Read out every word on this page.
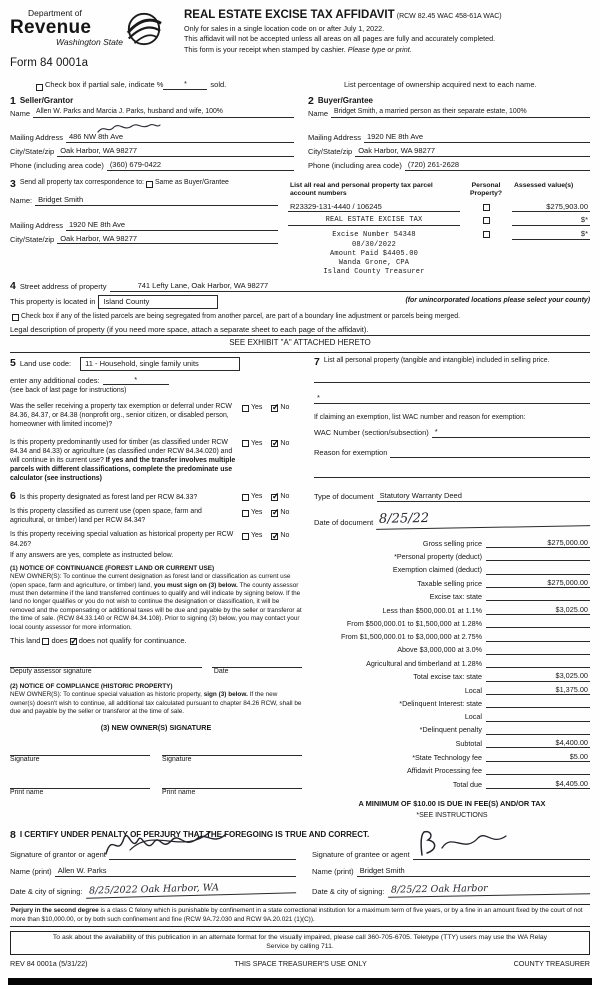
Department of
Revenue
Washington State
Form 84 0001a
REAL ESTATE EXCISE TAX AFFIDAVIT (RCW 82.45 WAC 458-61A WAC)
Only for sales in a single location code on or after July 1, 2022.
This affidavit will not be accepted unless all areas on all pages are fully and accurately completed.
This form is your receipt when stamped by cashier. Please type or print.
Check box if partial sale, indicate %	*	sold.	List percentage of ownership acquired next to each name.
1 Seller/Grantor
Name Allen W. Parks and Marcia J. Parks, husband and wife, 100%
Mailing Address 486 NW 8th Ave
City/State/zip Oak Harbor, WA 98277
Phone (including area code) (360) 679-0422
2 Buyer/Grantee
Name Bridget Smith, a married person as their separate estate, 100%
Mailing Address 1920 NE 8th Ave
City/State/zip Oak Harbor, WA 98277
Phone (including area code) (720) 261-2628
3 Send all property tax correspondence to: Same as Buyer/Grantee
Name: Bridget Smith
Mailing Address 1920 NE 8th Ave
City/State/zip Oak Harbor, WA 98277
List all real and personal property tax parcel account numbers
Personal Property?
Assessed value(s)
R23329-131-4440 / 106245	$275,903.00
REAL ESTATE EXCISE TAX	$*
Excise Number 54348	$*
08/30/2022
Amount Paid $4405.00
Wanda Grone, CPA
Island County Treasurer
4 Street address of property	741 Lefty Lane, Oak Harbor, WA 98277
This property is located in	Island County	(for unincorporated locations please select your county)
Check box if any of the listed parcels are being segregated from another parcel, are part of a boundary line adjustment or parcels being merged.
Legal description of property (if you need more space, attach a separate sheet to each page of the affidavit).
SEE EXHIBIT "A" ATTACHED HERETO
5 Land use code:	11 - Household, single family units
enter any additional codes:	*
(see back of last page for instructions)
Was the seller receiving a property tax exemption or deferral under RCW 84.36, 84.37, or 84.38 (nonprofit org., senior citizen, or disabled person, homeowner with limited income)?
Yes ✓	No
Is this property predominantly used for timber (as classified under RCW 84.34 and 84.33) or agriculture (as classified under RCW 84.34.020) and will continue in its current use? If yes and the transfer involves multiple parcels with different classifications, complete the predominate use calculator (see instructions)
Yes ✓	No
7 List all personal property (tangible and intangible) included in selling price.
*
If claiming an exemption, list WAC number and reason for exemption:
WAC Number (section/subsection) *
Reason for exemption
6 Is this property designated as forest land per RCW 84.33?	Yes ✓	No
Is this property classified as current use (open space, farm and agricultural, or timber) land per RCW 84.34?
Yes ✓	No
Is this property receiving special valuation as historical property per RCW 84.26?
Yes ✓	No
If any answers are yes, complete as instructed below.
(1) NOTICE OF CONTINUANCE (FOREST LAND OR CURRENT USE)
NEW OWNER(S): To continue the current designation as forest land or classification as current use (open space, farm and agriculture, or timber) land, you must sign on (3) below. The county assessor must then determine if the land transferred continues to qualify and will indicate by signing below. If the land no longer qualifies or you do not wish to continue the designation or classification, it will be removed and the compensating or additional taxes will be due and payable by the seller or transferor at the time of sale. (RCW 84.33.140 or RCW 84.34.108). Prior to signing (3) below, you may contact your local county assessor for more information.
This land does ✓ does not qualify for continuance.
Deputy assessor signature	Date
(2) NOTICE OF COMPLIANCE (HISTORIC PROPERTY)
NEW OWNER(S): To continue special valuation as historic property, sign (3) below. If the new owner(s) doesn't wish to continue, all additional tax calculated pursuant to chapter 84.26 RCW, shall be due and payable by the seller or transferor at the time of sale.
(3) NEW OWNER(S) SIGNATURE
Signature	Signature
Print name	Print name
Type of document Statutory Warranty Deed
Date of document 8/25/22
Gross selling price	$275,000.00
*Personal property (deduct)
Exemption claimed (deduct)
Taxable selling price	$275,000.00
Excise tax: state
Less than $500,000.01 at 1.1%	$3,025.00
From $500,000.01 to $1,500,000 at 1.28%
From $1,500,000.01 to $3,000,000 at 2.75%
Above $3,000,000 at 3.0%
Agricultural and timberland at 1.28%
Total excise tax: state	$3,025.00
Local	$1,375.00
*Delinquent Interest: state
Local
*Delinquent penalty
Subtotal	$4,400.00
*State Technology fee	$5.00
Affidavit Processing fee
Total due	$4,405.00
A MINIMUM OF $10.00 IS DUE IN FEE(S) AND/OR TAX
*SEE INSTRUCTIONS
8 I CERTIFY UNDER PENALTY OF PERJURY THAT THE FOREGOING IS TRUE AND CORRECT.
Signature of grantor or agent
Name (print) Allen W. Parks
Date & city of signing: 8/25/2022 Oak Harbor, WA
Signature of grantee or agent
Name (print) Bridget Smith
Date & city of signing: 8/25/22 Oak Harbor
Perjury in the second degree is a class C felony which is punishable by confinement in a state correctional institution for a maximum term of five years, or by a fine in an amount fixed by the court of not more than $10,000.00, or by both such confinement and fine (RCW 9A.72.030 and RCW 9A.20.021 (1)(C)).
To ask about the availability of this publication in an alternate format for the visually impaired, please call 360-705-6705. Teletype (TTY) users may use the WA Relay Service by calling 711.
REV 84 0001a (5/31/22)	THIS SPACE TREASURER'S USE ONLY	COUNTY TREASURER
